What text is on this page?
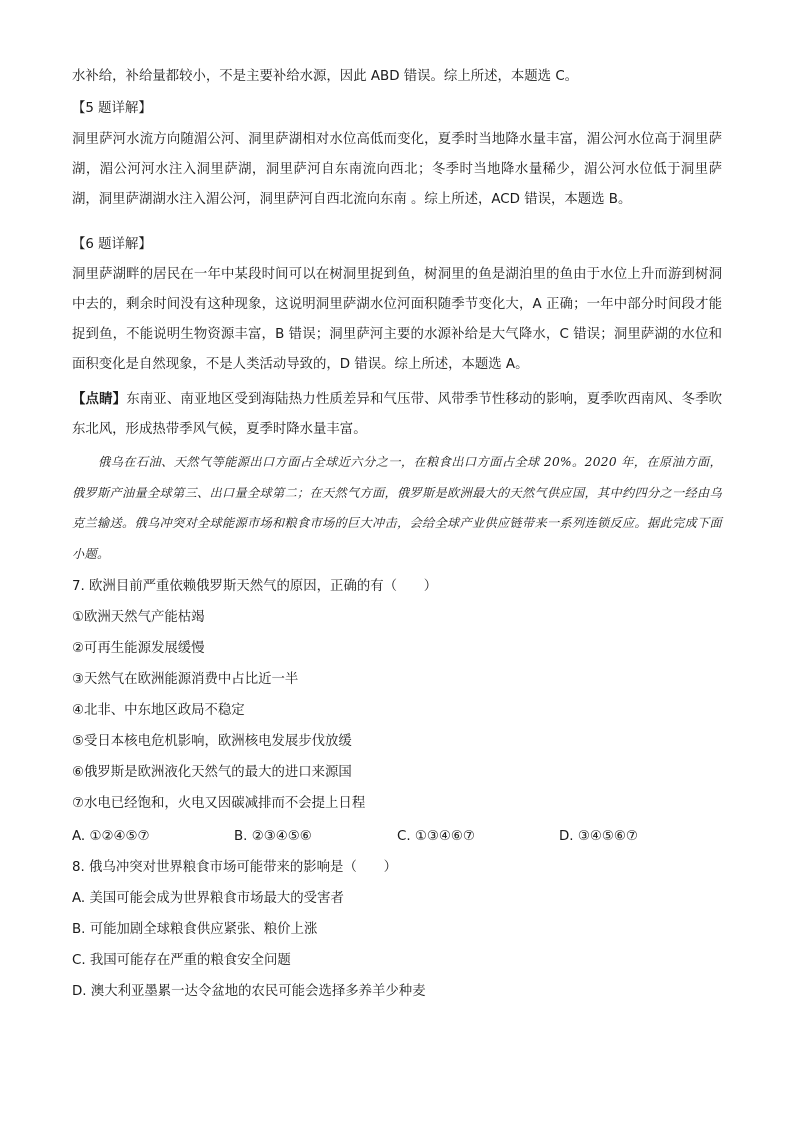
水补给，补给量都较小，不是主要补给水源，因此 ABD 错误。综上所述，本题选 C。

【5 题详解】

洞里萨河水流方向随湄公河、洞里萨湖相对水位高低而变化，夏季时当地降水量丰富，湄公河水位高于洞里萨湖，湄公河河水注入洞里萨湖，洞里萨河自东南流向西北；冬季时当地降水量稀少，湄公河水位低于洞里萨湖，洞里萨湖湖水注入湄公河，洞里萨河自西北流向东南 。综上所述，ACD 错误，本题选 B。

【6 题详解】

洞里萨湖畔的居民在一年中某段时间可以在树洞里捉到鱼，树洞里的鱼是湖泊里的鱼由于水位上升而游到树洞中去的，剩余时间没有这种现象，这说明洞里萨湖水位河面积随季节变化大，A 正确；一年中部分时间段才能捉到鱼，不能说明生物资源丰富，B 错误；洞里萨河主要的水源补给是大气降水，C 错误；洞里萨湖的水位和面积变化是自然现象，不是人类活动导致的，D 错误。综上所述，本题选 A。

【点睛】东南亚、南亚地区受到海陆热力性质差异和气压带、风带季节性移动的影响，夏季吹西南风、冬季吹东北风，形成热带季风气候，夏季时降水量丰富。

俄乌在石油、天然气等能源出口方面占全球近六分之一，在粮食出口方面占全球 20%。2020 年，在原油方面，俄罗斯产油量全球第三、出口量全球第二；在天然气方面，俄罗斯是欧洲最大的天然气供应国，其中约四分之一经由乌克兰输送。俄乌冲突对全球能源市场和粮食市场的巨大冲击，会给全球产业供应链带来一系列连锁反应。据此完成下面小题。

7. 欧洲目前严重依赖俄罗斯天然气的原因，正确的有（　　）

①欧洲天然气产能枯竭

②可再生能源发展缓慢

③天然气在欧洲能源消费中占比近一半

④北非、中东地区政局不稳定

⑤受日本核电危机影响，欧洲核电发展步伐放缓

⑥俄罗斯是欧洲液化天然气的最大的进口来源国

⑦水电已经饱和，火电又因碳减排而不会提上日程

A. ①②④⑤⑦	B. ②③④⑤⑥	C. ①③④⑥⑦	D. ③④⑤⑥⑦

8. 俄乌冲突对世界粮食市场可能带来的影响是（　　）

A. 美国可能会成为世界粮食市场最大的受害者

B. 可能加剧全球粮食供应紧张、粮价上涨

C. 我国可能存在严重的粮食安全问题

D. 澳大利亚墨累一达令盆地的农民可能会选择多养羊少种麦
